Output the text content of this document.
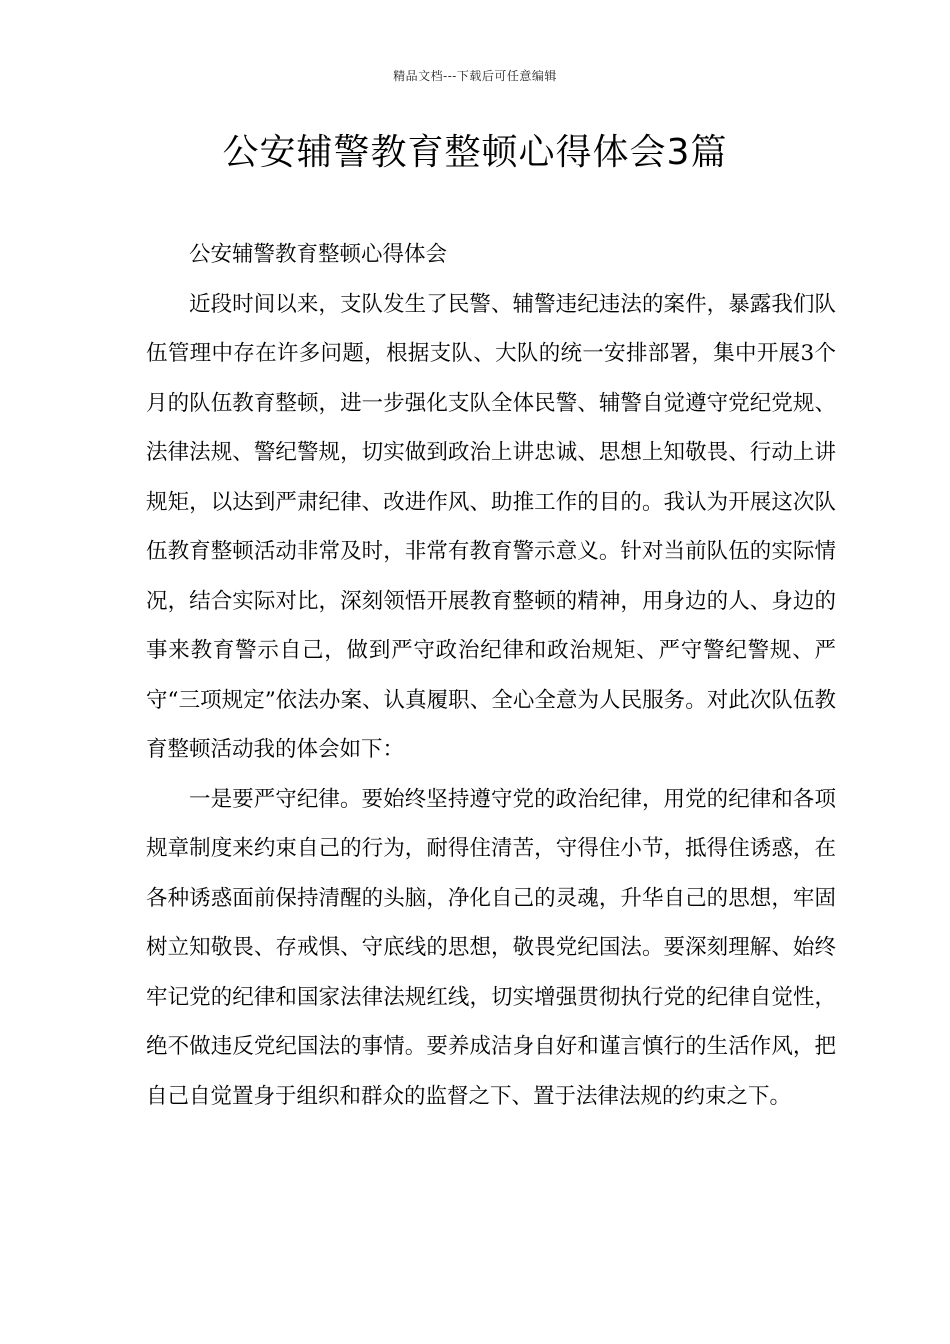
精品文档---下载后可任意编辑
公安辅警教育整顿心得体会3篇

公安辅警教育整顿心得体会

近段时间以来，支队发生了民警、辅警违纪违法的案件，暴露我们队伍管理中存在许多问题，根据支队、大队的统一安排部署，集中开展3个月的队伍教育整顿，进一步强化支队全体民警、辅警自觉遵守党纪党规、法律法规、警纪警规，切实做到政治上讲忠诚、思想上知敬畏、行动上讲规矩，以达到严肃纪律、改进作风、助推工作的目的。我认为开展这次队伍教育整顿活动非常及时，非常有教育警示意义。针对当前队伍的实际情况，结合实际对比，深刻领悟开展教育整顿的精神，用身边的人、身边的事来教育警示自己，做到严守政治纪律和政治规矩、严守警纪警规、严守“三项规定”依法办案、认真履职、全心全意为人民服务。对此次队伍教育整顿活动我的体会如下：

一是要严守纪律。要始终坚持遵守党的政治纪律，用党的纪律和各项规章制度来约束自己的行为，耐得住清苦，守得住小节，抵得住诱惑，在各种诱惑面前保持清醒的头脑，净化自己的灵魂，升华自己的思想，牢固树立知敬畏、存戒惧、守底线的思想，敬畏党纪国法。要深刻理解、始终牢记党的纪律和国家法律法规红线，切实增强贯彻执行党的纪律自觉性，绝不做违反党纪国法的事情。要养成洁身自好和谨言慎行的生活作风，把自己自觉置身于组织和群众的监督之下、置于法律法规的约束之下。
